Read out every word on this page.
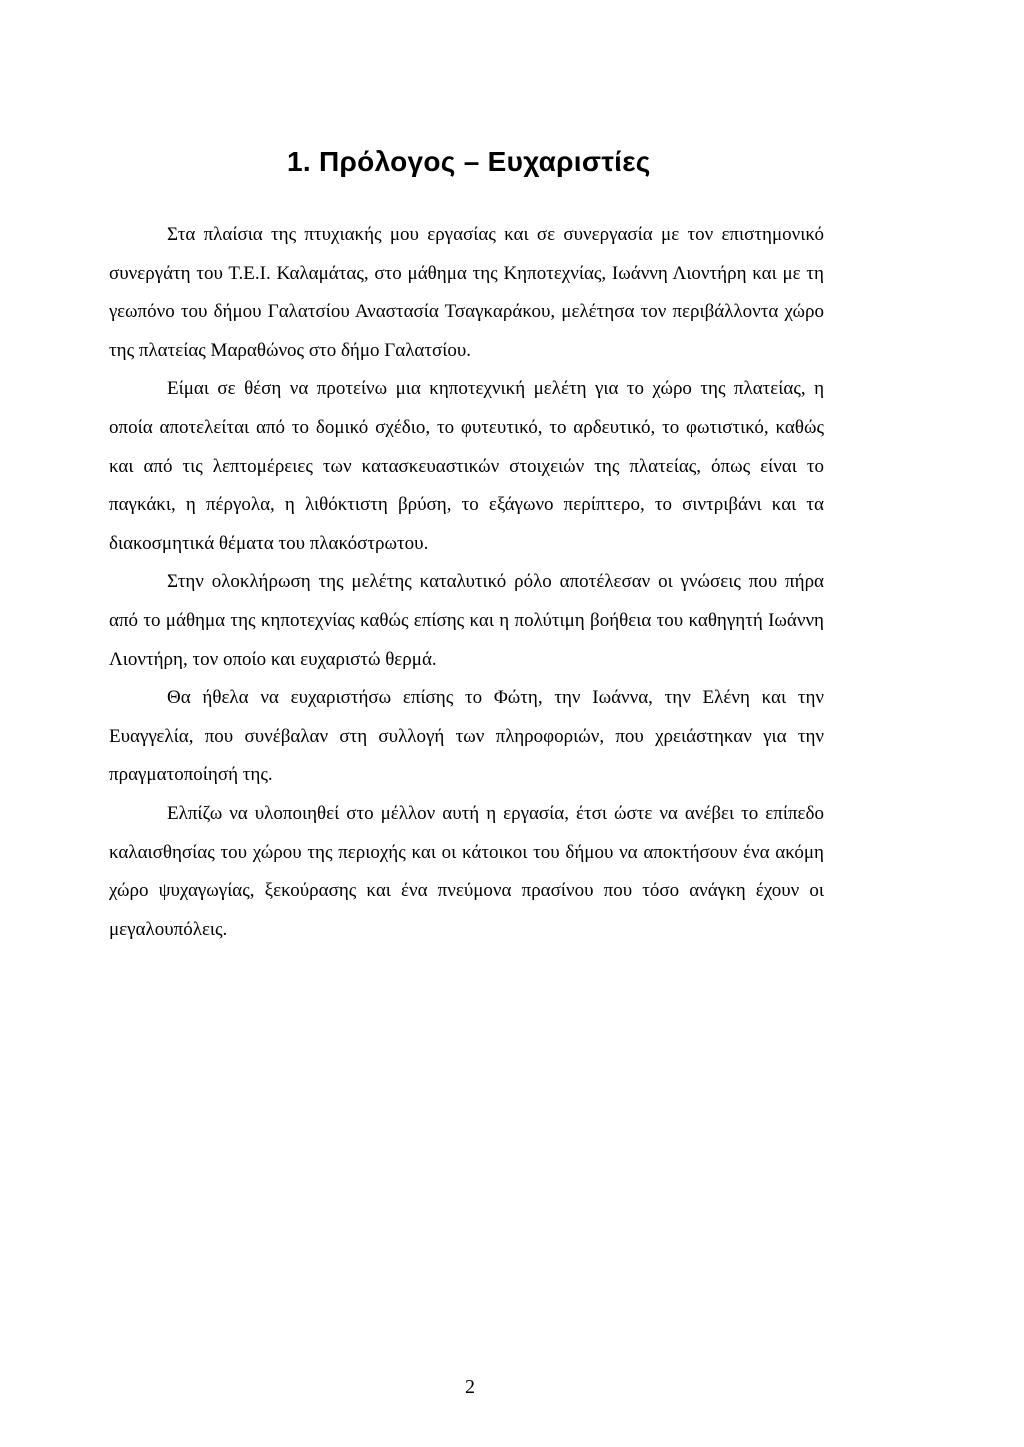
1. Πρόλογος – Ευχαριστίες

Στα πλαίσια της πτυχιακής μου εργασίας και σε συνεργασία με τον επιστημονικό συνεργάτη του Τ.Ε.Ι. Καλαμάτας, στο μάθημα της Κηποτεχνίας, Ιωάννη Λιοντήρη και με τη γεωπόνο του δήμου Γαλατσίου Αναστασία Τσαγκαράκου, μελέτησα τον περιβάλλοντα χώρο της πλατείας Μαραθώνος στο δήμο Γαλατσίου.

Είμαι σε θέση να προτείνω μια κηποτεχνική μελέτη για το χώρο της πλατείας, η οποία αποτελείται από το δομικό σχέδιο, το φυτευτικό, το αρδευτικό, το φωτιστικό, καθώς και από τις λεπτομέρειες των κατασκευαστικών στοιχειών της πλατείας, όπως είναι το παγκάκι, η πέργολα, η λιθόκτιστη βρύση, το εξάγωνο περίπτερο, το σιντριβάνι και τα διακοσμητικά θέματα του πλακόστρωτου.

Στην ολοκλήρωση της μελέτης καταλυτικό ρόλο αποτέλεσαν οι γνώσεις που πήρα από το μάθημα της κηποτεχνίας καθώς επίσης και η πολύτιμη βοήθεια του καθηγητή Ιωάννη Λιοντήρη, τον οποίο και ευχαριστώ θερμά.

Θα ήθελα να ευχαριστήσω επίσης το Φώτη, την Ιωάννα, την Ελένη και την Ευαγγελία, που συνέβαλαν στη συλλογή των πληροφοριών, που χρειάστηκαν για την πραγματοποίησή της.

Ελπίζω να υλοποιηθεί στο μέλλον αυτή η εργασία, έτσι ώστε να ανέβει το επίπεδο καλαισθησίας του χώρου της περιοχής και οι κάτοικοι του δήμου να αποκτήσουν ένα ακόμη χώρο ψυχαγωγίας, ξεκούρασης και ένα πνεύμονα πρασίνου που τόσο ανάγκη έχουν οι μεγαλουπόλεις.

2
